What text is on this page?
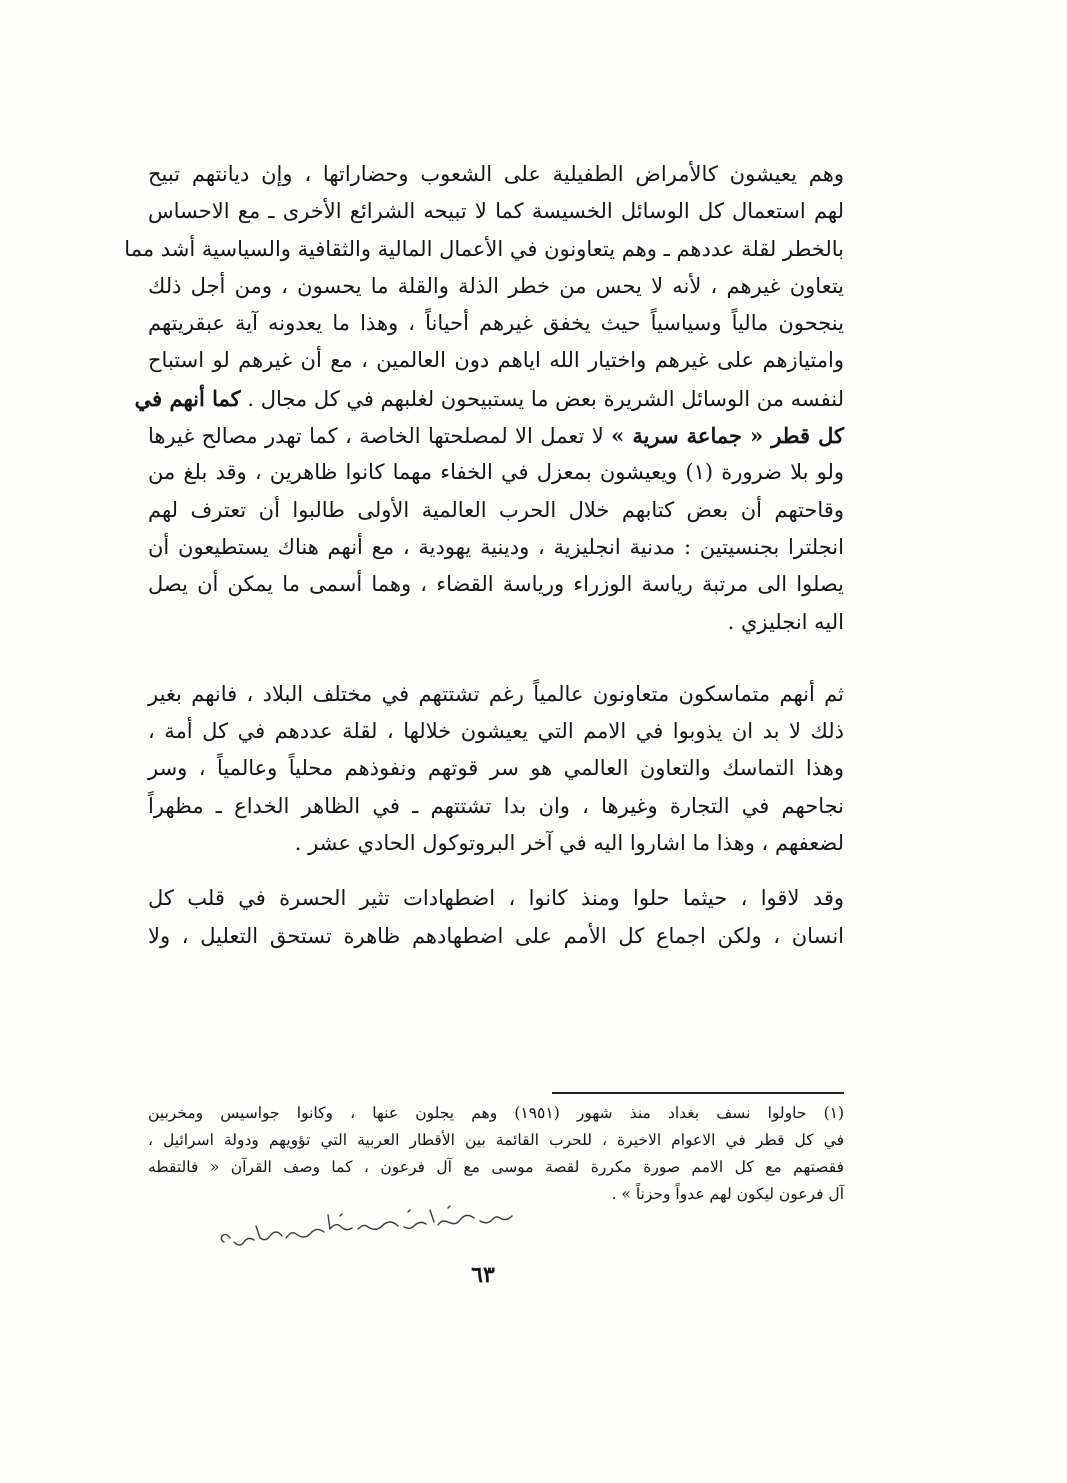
وهم يعيشون كالأمراض الطفيلية على الشعوب وحضاراتها ، وإن ديانتهم تبيح
لهم استعمال كل الوسائل الخسيسة كما لا تبيحه الشرائع الأخرى ـ مع الاحساس
بالخطر لقلة عددهم ـ وهم يتعاونون في الأعمال المالية والثقافية والسياسية أشد مما
يتعاون غيرهم ، لأنه لا يحس من خطر الذلة والقلة ما يحسون ، ومن أجل ذلك
ينجحون مالياً وسياسياً حيث يخفق غيرهم أحياناً ، وهذا ما يعدونه آية عبقريتهم
وامتيازهم على غيرهم واختيار الله اياهم دون العالمين ، مع أن غيرهم لو استباح
لنفسه من الوسائل الشريرة بعض ما يستبيحون لغلبهم في كل مجال . كما أنهم في
كل قطر « جماعة سرية » لا تعمل الا لمصلحتها الخاصة ، كما تهدر مصالح غيرها
ولو بلا ضرورة (١) ويعيشون بمعزل في الخفاء مهما كانوا ظاهرين ، وقد بلغ من
وقاحتهم أن بعض كتابهم خلال الحرب العالمية الأولى طالبوا أن تعترف لهم
انجلترا بجنسيتين : مدنية انجليزية ، ودينية يهودية ، مع أنهم هناك يستطيعون أن
يصلوا الى مرتبة رياسة الوزراء ورياسة القضاء ، وهما أسمى ما يمكن أن يصل
اليه انجليزي .
ثم أنهم متماسكون متعاونون عالمياً رغم تشتتهم في مختلف البلاد ، فانهم بغير
ذلك لا بد ان يذوبوا في الامم التي يعيشون خلالها ، لقلة عددهم في كل أمة ،
وهذا التماسك والتعاون العالمي هو سر قوتهم ونفوذهم محلياً وعالمياً ، وسر
نجاحهم في التجارة وغيرها ، وان بدا تشتتهم ـ في الظاهر الخداع ـ مظهراً
لضعفهم ، وهذا ما اشاروا اليه في آخر البروتوكول الحادي عشر .
وقد لاقوا ، حيثما حلوا ومنذ كانوا ، اضطهادات تثير الحسرة في قلب كل
انسان ، ولكن اجماع كل الأمم على اضطهادهم ظاهرة تستحق التعليل ، ولا
(١) حاولوا نسف بغداد منذ شهور (١٩٥١) وهم يجلون عنها ، وكانوا جواسيس ومخربين
في كل قطر في الاعوام الاخيرة ، للحرب القائمة بين الأقطار العربية التي تؤويهم ودولة اسرائيل ،
فقصتهم مع كل الامم صورة مكررة لقصة موسى مع آل فرعون ، كما وصف القرآن « فالتقطه
آل فرعون ليكون لهم عدواً وحزناً » .
٦٣
